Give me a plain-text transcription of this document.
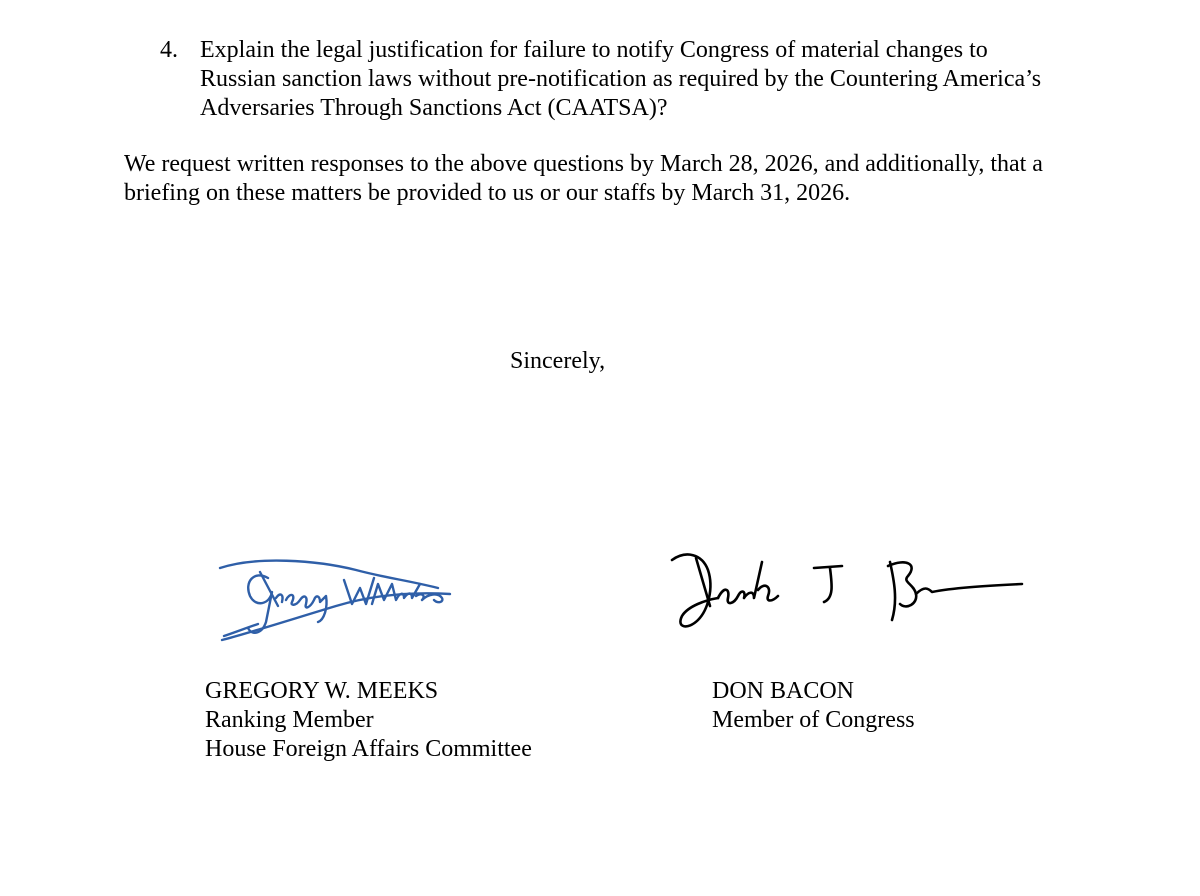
4. Explain the legal justification for failure to notify Congress of material changes to
Russian sanction laws without pre-notification as required by the Countering America’s
Adversaries Through Sanctions Act (CAATSA)?
We request written responses to the above questions by March 28, 2026, and additionally, that a
briefing on these matters be provided to us or our staffs by March 31, 2026.
Sincerely,
GREGORY W. MEEKS
Ranking Member
House Foreign Affairs Committee
DON BACON
Member of Congress
